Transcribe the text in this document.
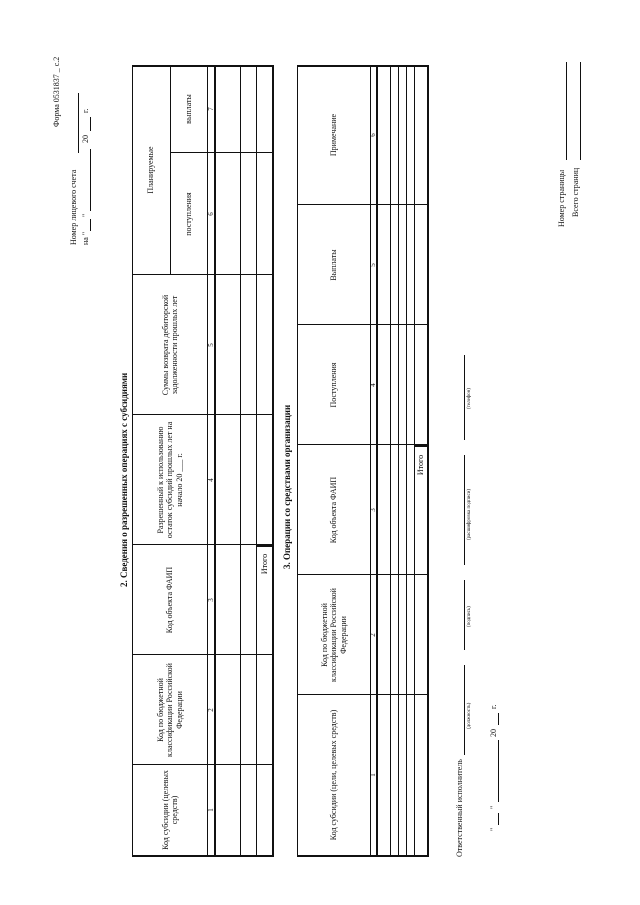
Форма 0531837 _ с.2
Номер лицевого счета на "
"
20
г.
2. Сведения о разрешенных операциях с субсидиями
Код субсидии (целевых средств)
Код по бюджетной классификации Российской Федерации
Код объекта ФАИП
Разрешенный к использованию остаток субсидий прошлых лет на начало 20 ___ г.
Суммы возврата дебиторской задолженности прошлых лет
Планируемые
поступления
выплаты
1
2
3
4
5
6
7
Итого 3. Операции со средствами организации
Код субсидии (цели, целевых средств)
Код по бюджетной классификации Российской Федерации
Код объекта ФАИП
Поступления
Выплаты
Примечание
1
2
3
4
5
6
Итого
Ответственный исполнитель
(должность)
(подпись)
(расшифровка подписи)
(телефон)
"
"
20
г.
Номер страницы Всего страниц
